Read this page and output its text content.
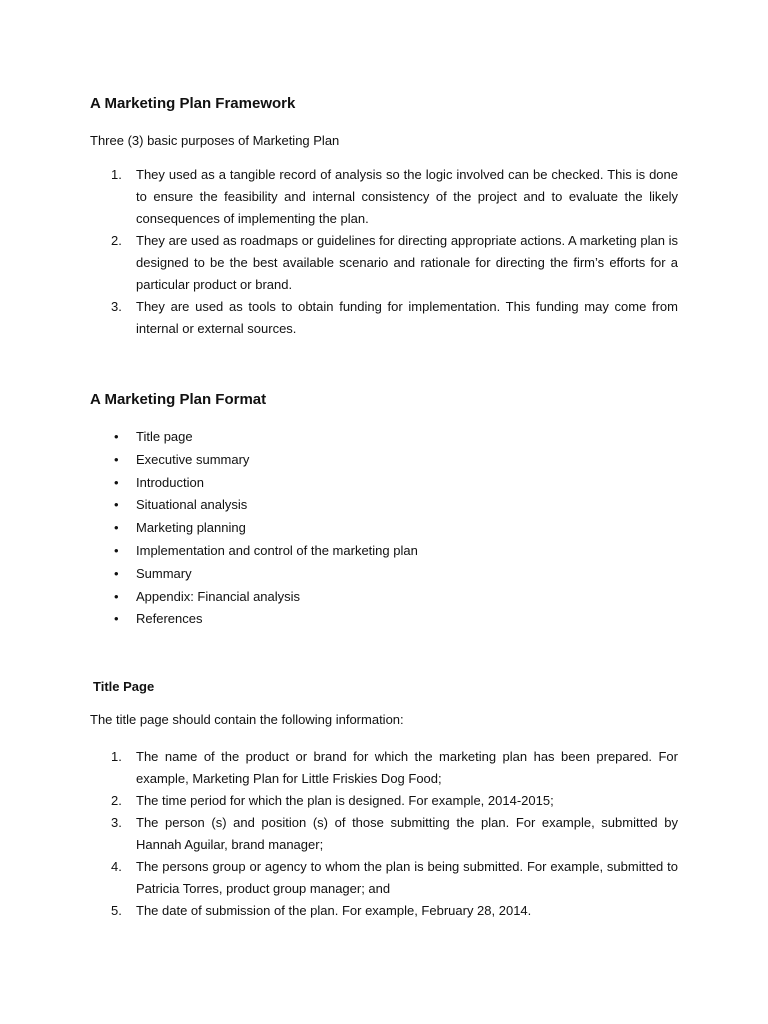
A Marketing Plan Framework

Three (3) basic purposes of Marketing Plan

1. They used as a tangible record of analysis so the logic involved can be checked. This is done to ensure the feasibility and internal consistency of the project and to evaluate the likely consequences of implementing the plan.
2. They are used as roadmaps or guidelines for directing appropriate actions. A marketing plan is designed to be the best available scenario and rationale for directing the firm’s efforts for a particular product or brand.
3. They are used as tools to obtain funding for implementation. This funding may come from internal or external sources.
A Marketing Plan Format
• Title page
• Executive summary
• Introduction
• Situational analysis
• Marketing planning
• Implementation and control of the marketing plan
• Summary
• Appendix: Financial analysis
• References
Title Page

The title page should contain the following information:

1. The name of the product or brand for which the marketing plan has been prepared. For example, Marketing Plan for Little Friskies Dog Food;
2. The time period for which the plan is designed. For example, 2014-2015;
3. The person (s) and position (s) of those submitting the plan. For example, submitted by Hannah Aguilar, brand manager;
4. The persons group or agency to whom the plan is being submitted. For example, submitted to Patricia Torres, product group manager; and
5. The date of submission of the plan. For example, February 28, 2014.
